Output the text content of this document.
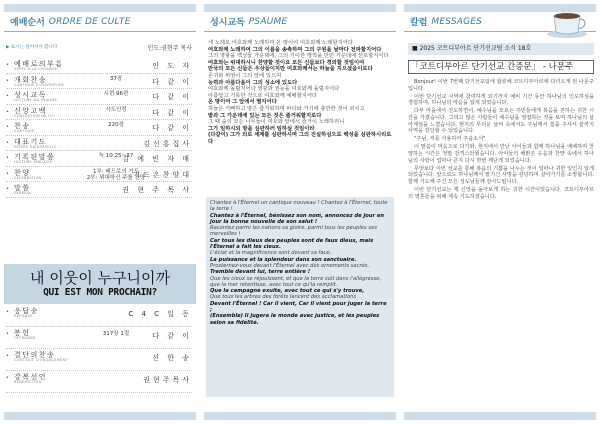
예배순서 ORDRE DE CULTE
▶ 표시는 일어서서 합니다	인도:권현주 목사
• 예배로의부름
APPEL À LA LOUANGE	인 도 자
• 개회찬송
CANTIQUE D'OUVERTURE
37장	다 같 이
• 성시교독
LECTURE DU PSAUME
시편 96편	다 같 이
• 신앙고백
CONFESSION DE FOI
사도신경	다 같 이
• 찬송
CANTIQUE
220장	다 같 이
• 대표기도
PRIÈRE UNIVERSELLE	김신홍집사
• 기록된말씀
LECTURE BIBLIQUE
눅 10:25~37
김 예 빈 자 매
• 찬양
CÉLÉBRATION
1부: 베드로의 기도
2부: 위대하신 주를 찬양
기드온찬양대
• 말씀
SERMON	권 현 주 목 사
내 이웃이 누구니이까
QUI EST MON PROCHAIN?
• 응답송
RÉPONSE	C 4 C 일 동
• 봉헌
OFFRANDE
317장 1절	다 같 이
• 결단의찬송
CANTIQUE D'ENGAGEMENT	선 한 송
• 강복선언
BÉNÉDICTION	권현주목사
성시교독 PSAUME

새 노래로 여호와께 노래하며 온 땅이여 여호와께 노래할지어다

여호와께 노래하여 그의 이름을 송축하며 그의 구원을 날마다 전파할지어다

그의 영광을 백성들 가운데에, 그의 기이한 행적을 만민 가운데에 선포할지어다

여호와는 위대하시니 찬양할 것이요 모든 신들보다 경외할 것임이여

만국의 모든 신들은 우상들이지만 여호와께서는 하늘을 지으셨음이로다

존귀와 위엄이 그의 앞에 있으며

능력과 아름다움이 그의 성소에 있도다

여호와께 돌릴지어다 영광과 권능을 여호와께 돌릴지어다

아름답고 거룩한 것으로 여호와께 예배할지어다

온 땅이여 그 앞에서 떨지어다

하늘은 기뻐하고 땅은 즐거워하며 바다와 거기에 충만한 것이 외치고

밭과 그 가운데에 있는 모든 것은 즐거워할지로다

그 때 숲의 모든 나무들이 여호와 앞에서 즐거이 노래하리니

그가 임하시되 땅을 심판하러 임하실 것임이라

(다같이) 그가 의로 세계를 심판하시며 그의 진실하심으로 백성을 심판하시리로다

Chantez à l'Éternel un cantique nouveau ! Chantez à l'Éternel, toute la terre !

Chantez à l'Éternel, bénissez son nom, annoncez de jour en jour la bonne nouvelle de son salut !

Racontez parmi les nations sa gloire, parmi tous les peuples ses merveilles !

Car tous les dieux des peuples sont de faux dieux, mais l'Éternel a fait les cieux.

L'éclat et la magnificence sont devant sa face,

La puissance et la splendeur dans son sanctuaire.

Prosternez-vous devant l'Éternel avec des ornements sacrés.

Tremble devant lui, terre entière !

Que les cieux se réjouissent, et que la terre soit dans l'allégresse, que la mer retentisse, avec tout ce qu'la remplit.

Que la campagne exulte, avec tout ce qui s'y trouve,

Que tous les arbres des forêts lancent des acclamations

Devant l'Éternel ! Car il vient, Car il vient pour juger la terre ;

(Ensemble) Il jugera le monde avec justice, et les peuples selon sa fidélité.

칼럼 MESSAGES
■ 2025 코트디부아르 단기선교팀 소식 18호
「코트디부아르 단기선교 간증문」 - 나문주

Bonjour! 이번 7번째 단기선교팀에 합류해 코트디부아르에 다녀오게 된 나문주입니다.

이번 단기선교 사역에 참여하게 되기까지 예비 기간 동안 하나님의 인도하심을 경험하며, 하나님의 마음을 알게 되었습니다.

다부 마을에서 전도하면서, 예수님을 모르는 주민들에게 복음을 전하는 귀한 시간을 가졌습니다. 그리고 많은 사람들이 예수님을 영접하는 것을 보며 하나님의 살아계심을 느꼈습니다. 현지의 무더운 날씨 속에서도 주님께서 힘을 주셔서 끝까지 사역을 감당할 수 있었습니다.

"주님, 저를 사용하여 주옵소서"

이 말씀이 마음으로 다가와, 현지에서 만난 아이들과 함께 하나님을 예배하며 찬양하는 시간은 정말 감격스러웠습니다. 아이들의 해맑은 웃음과 찬양 속에서 하나님의 사랑이 얼마나 큰지 다시 한번 깨닫게 되었습니다.

무엇보다 이번 선교를 통해 복음의 기쁨을 나누는 것이 얼마나 귀한 일인지 알게 되었습니다. 앞으로도 하나님께서 맡기신 사명을 감당하며 살아가기를 소망합니다. 함께 기도해 주신 모든 성도님들께 감사드립니다.

이번 단기선교는 제 신앙을 돌아보게 하는 귀한 시간이었습니다. 코트디부아르의 영혼들을 위해 계속 기도하겠습니다.
